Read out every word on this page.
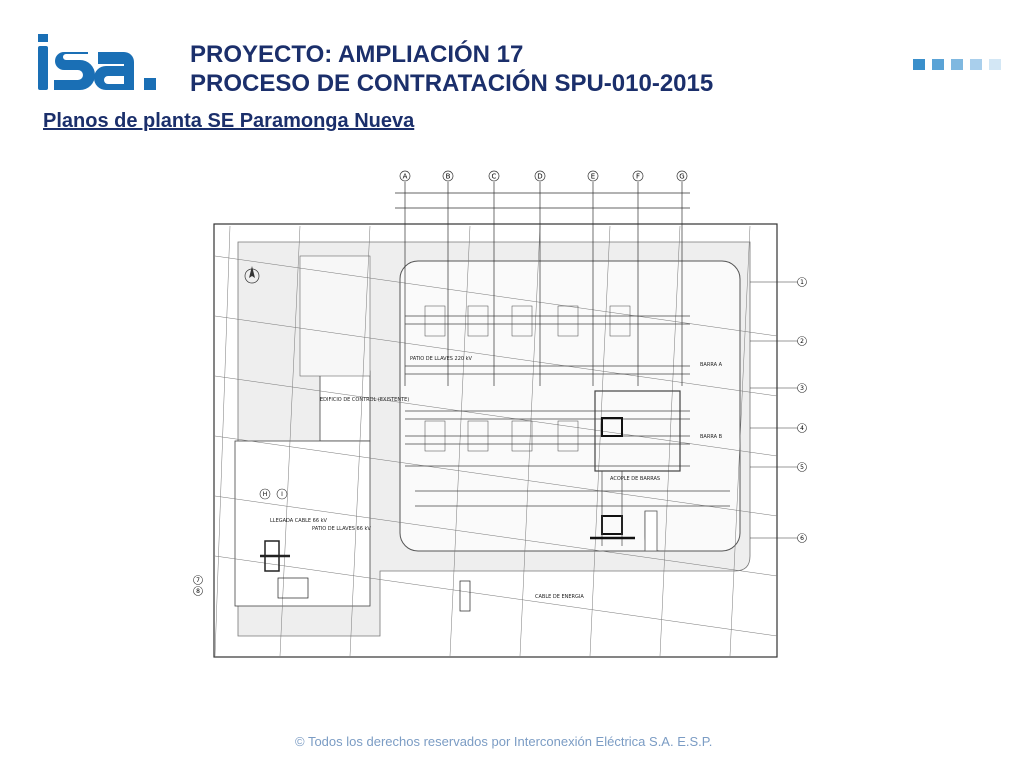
PROYECTO: AMPLIACIÓN 17
PROCESO DE CONTRATACIÓN SPU-010-2015
Planos de planta SE Paramonga Nueva
A	B	C	D	E	F	G
1
2
3
4
5
6
H I
7
8
PATIO DE LLAVES 220 kV
EDIFICIO DE CONTROL (EXISTENTE)
PATIO DE LLAVES 66 kV
LLEGADA CABLE 66 kV
ACOPLE DE BARRAS
BARRA A
BARRA B
CABLE DE ENERGIA
© Todos los derechos reservados por Interconexión Eléctrica S.A. E.S.P.
